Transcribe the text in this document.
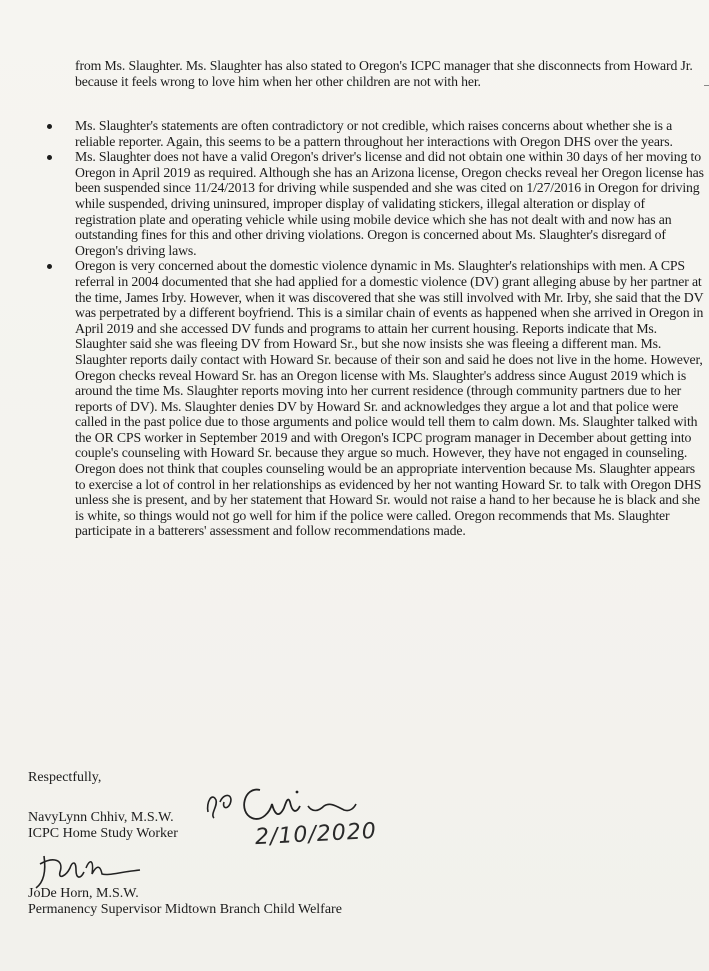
from Ms. Slaughter. Ms. Slaughter has also stated to Oregon's ICPC manager that she disconnects from Howard Jr. because it feels wrong to love him when her other children are not with her.

Ms. Slaughter's statements are often contradictory or not credible, which raises concerns about whether she is a reliable reporter. Again, this seems to be a pattern throughout her interactions with Oregon DHS over the years.

Ms. Slaughter does not have a valid Oregon's driver's license and did not obtain one within 30 days of her moving to Oregon in April 2019 as required. Although she has an Arizona license, Oregon checks reveal her Oregon license has been suspended since 11/24/2013 for driving while suspended and she was cited on 1/27/2016 in Oregon for driving while suspended, driving uninsured, improper display of validating stickers, illegal alteration or display of registration plate and operating vehicle while using mobile device which she has not dealt with and now has an outstanding fines for this and other driving violations. Oregon is concerned about Ms. Slaughter's disregard of Oregon's driving laws.

Oregon is very concerned about the domestic violence dynamic in Ms. Slaughter's relationships with men. A CPS referral in 2004 documented that she had applied for a domestic violence (DV) grant alleging abuse by her partner at the time, James Irby. However, when it was discovered that she was still involved with Mr. Irby, she said that the DV was perpetrated by a different boyfriend. This is a similar chain of events as happened when she arrived in Oregon in April 2019 and she accessed DV funds and programs to attain her current housing. Reports indicate that Ms. Slaughter said she was fleeing DV from Howard Sr., but she now insists she was fleeing a different man. Ms. Slaughter reports daily contact with Howard Sr. because of their son and said he does not live in the home. However, Oregon checks reveal Howard Sr. has an Oregon license with Ms. Slaughter's address since August 2019 which is around the time Ms. Slaughter reports moving into her current residence (through community partners due to her reports of DV). Ms. Slaughter denies DV by Howard Sr. and acknowledges they argue a lot and that police were called in the past police due to those arguments and police would tell them to calm down. Ms. Slaughter talked with the OR CPS worker in September 2019 and with Oregon's ICPC program manager in December about getting into couple's counseling with Howard Sr. because they argue so much. However, they have not engaged in counseling. Oregon does not think that couples counseling would be an appropriate intervention because Ms. Slaughter appears to exercise a lot of control in her relationships as evidenced by her not wanting Howard Sr. to talk with Oregon DHS unless she is present, and by her statement that Howard Sr. would not raise a hand to her because he is black and she is white, so things would not go well for him if the police were called. Oregon recommends that Ms. Slaughter participate in a batterers' assessment and follow recommendations made.

Respectfully,
2/10/2020
NavyLynn Chhiv, M.S.W.
ICPC Home Study Worker
JoDe Horn, M.S.W.
Permanency Supervisor Midtown Branch Child Welfare
